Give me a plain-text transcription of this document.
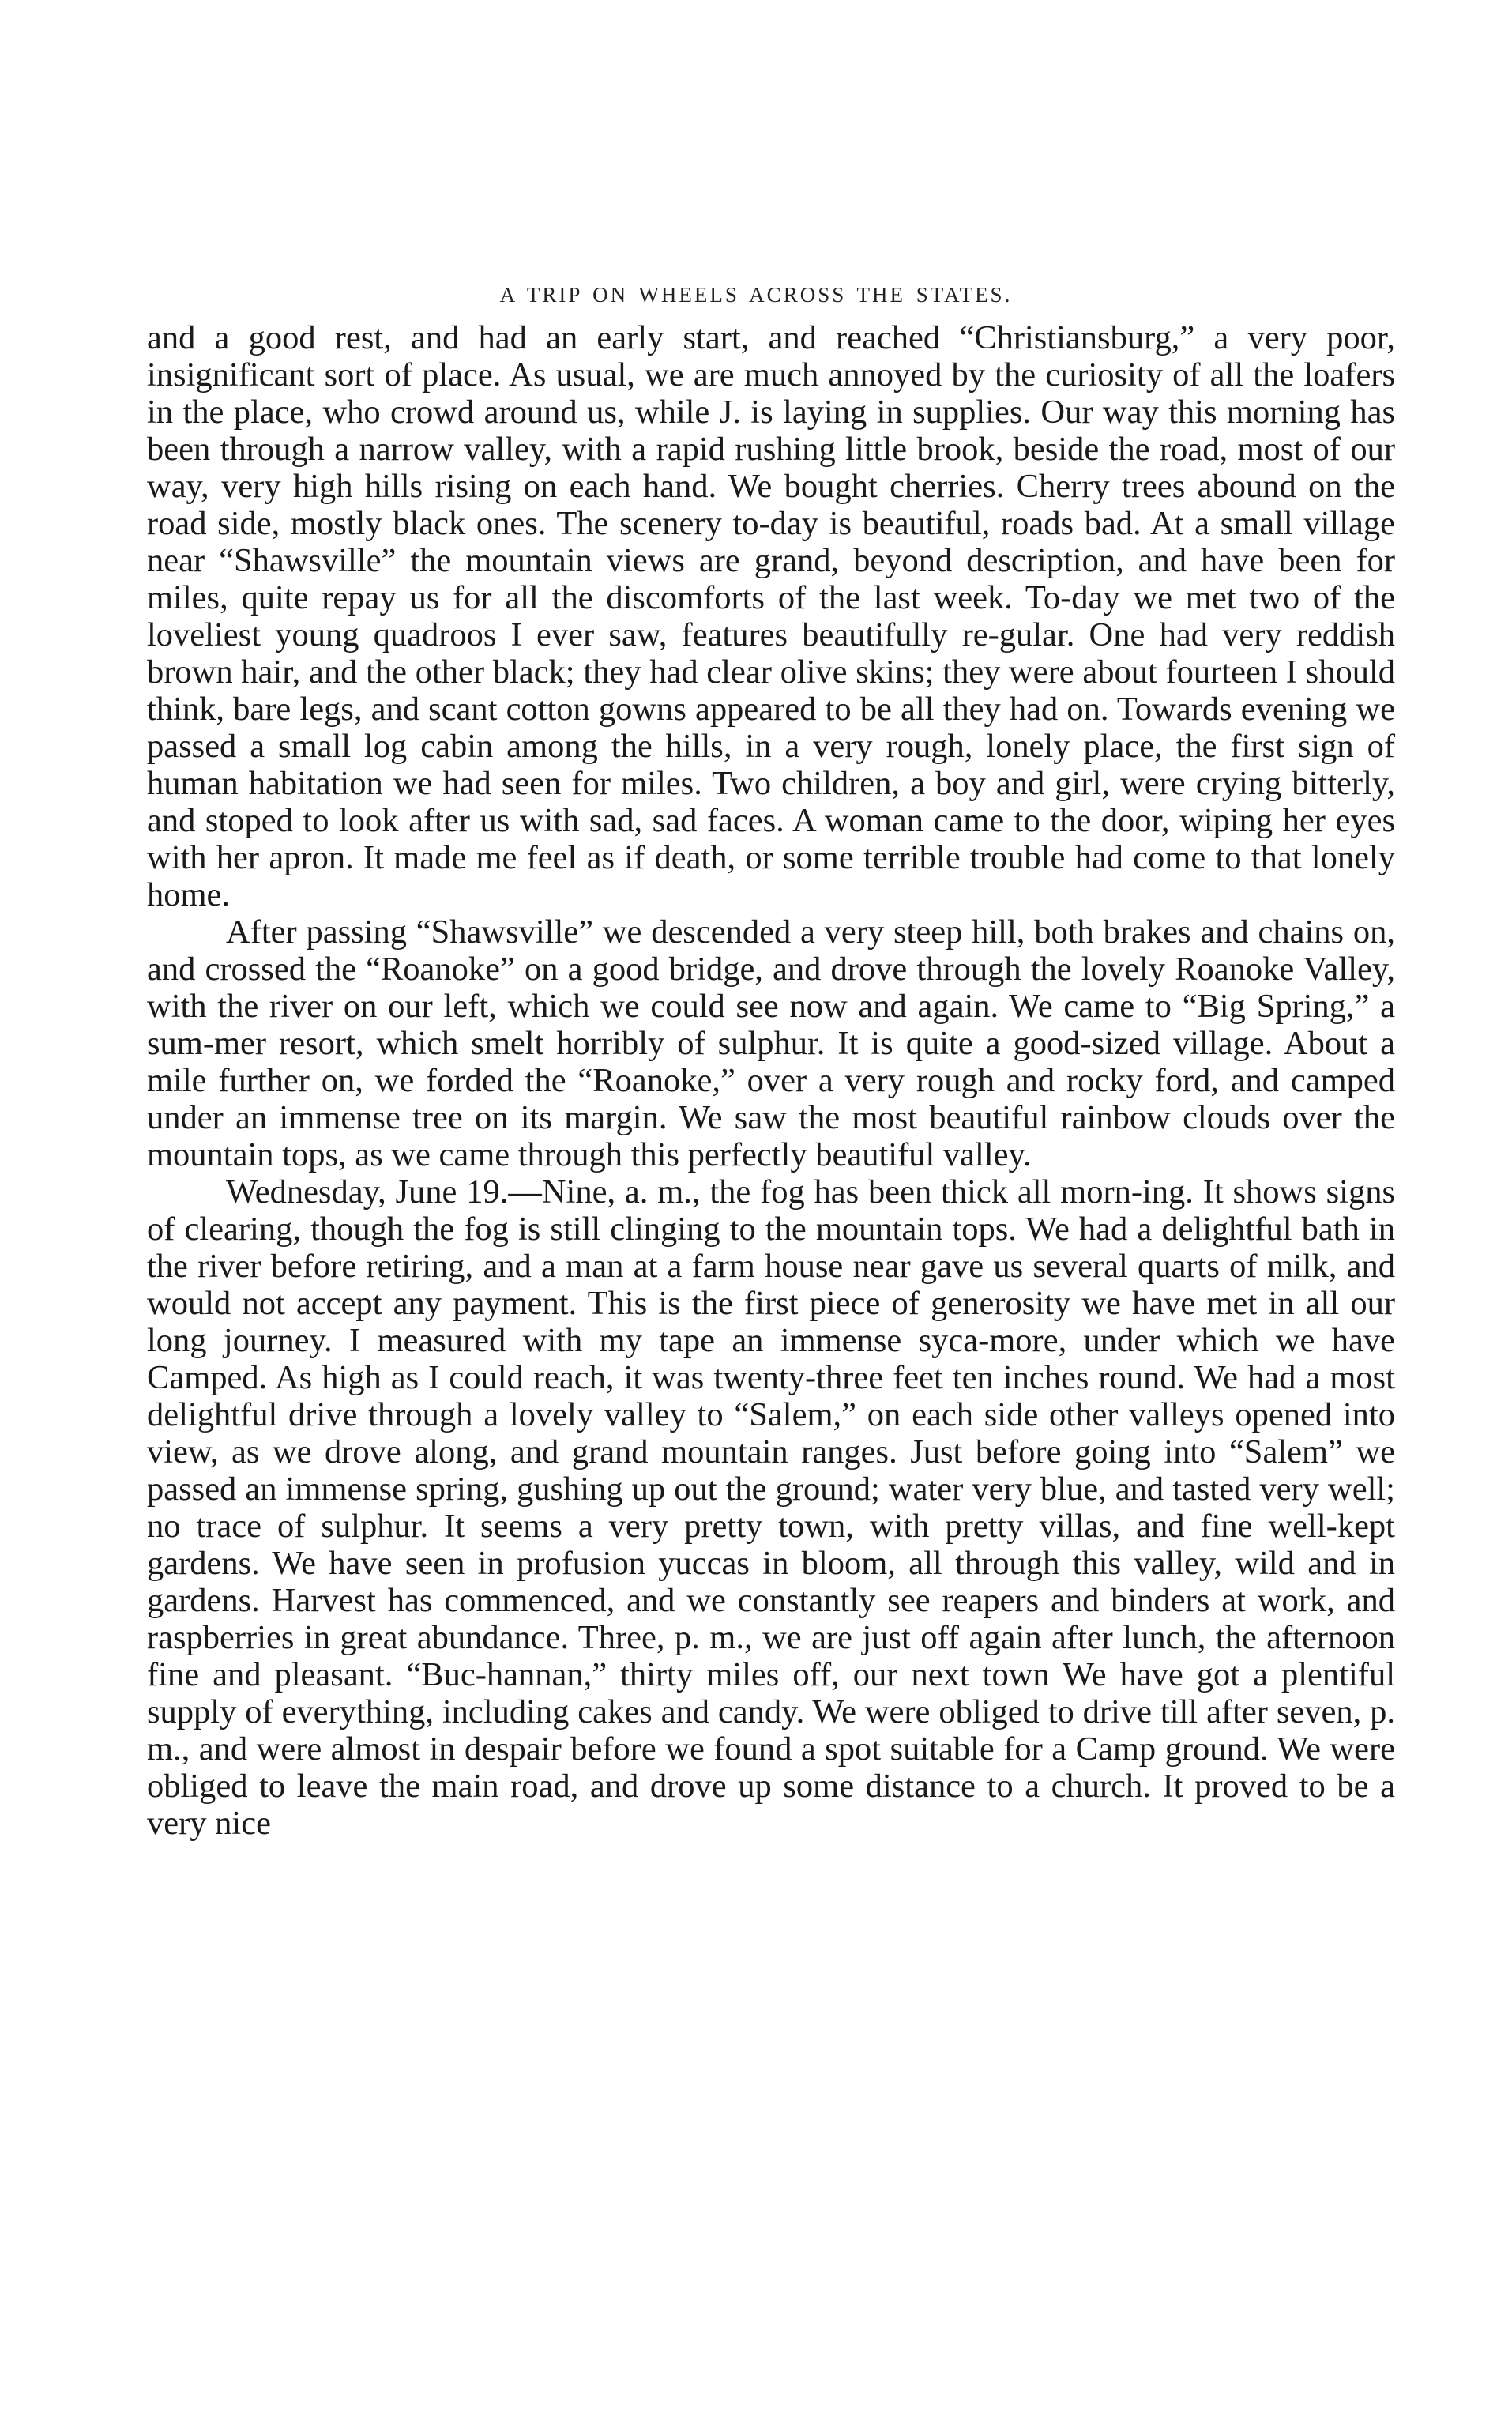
A TRIP ON WHEELS ACROSS THE STATES.

and a good rest, and had an early start, and reached “Christiansburg,” a very poor, insignificant sort of place. As usual, we are much annoyed by the curiosity of all the loafers in the place, who crowd around us, while J. is laying in supplies. Our way this morning has been through a narrow valley, with a rapid rushing little brook, beside the road, most of our way, very high hills rising on each hand. We bought cherries. Cherry trees abound on the road side, mostly black ones. The scenery to-day is beautiful, roads bad. At a small village near “Shawsville” the mountain views are grand, beyond description, and have been for miles, quite repay us for all the discomforts of the last week. To-day we met two of the loveliest young quadroos I ever saw, features beautifully re-gular. One had very reddish brown hair, and the other black; they had clear olive skins; they were about fourteen I should think, bare legs, and scant cotton gowns appeared to be all they had on. Towards evening we passed a small log cabin among the hills, in a very rough, lonely place, the first sign of human habitation we had seen for miles. Two children, a boy and girl, were crying bitterly, and stoped to look after us with sad, sad faces. A woman came to the door, wiping her eyes with her apron. It made me feel as if death, or some terrible trouble had come to that lonely home.

After passing “Shawsville” we descended a very steep hill, both brakes and chains on, and crossed the “Roanoke” on a good bridge, and drove through the lovely Roanoke Valley, with the river on our left, which we could see now and again. We came to “Big Spring,” a sum-mer resort, which smelt horribly of sulphur. It is quite a good-sized village. About a mile further on, we forded the “Roanoke,” over a very rough and rocky ford, and camped under an immense tree on its margin. We saw the most beautiful rainbow clouds over the mountain tops, as we came through this perfectly beautiful valley.

Wednesday, June 19.—Nine, a. m., the fog has been thick all morn-ing. It shows signs of clearing, though the fog is still clinging to the mountain tops. We had a delightful bath in the river before retiring, and a man at a farm house near gave us several quarts of milk, and would not accept any payment. This is the first piece of generosity we have met in all our long journey. I measured with my tape an immense syca-more, under which we have Camped. As high as I could reach, it was twenty-three feet ten inches round. We had a most delightful drive through a lovely valley to “Salem,” on each side other valleys opened into view, as we drove along, and grand mountain ranges. Just before going into “Salem” we passed an immense spring, gushing up out the ground; water very blue, and tasted very well; no trace of sulphur. It seems a very pretty town, with pretty villas, and fine well-kept gardens. We have seen in profusion yuccas in bloom, all through this valley, wild and in gardens. Harvest has commenced, and we constantly see reapers and binders at work, and raspberries in great abundance. Three, p. m., we are just off again after lunch, the afternoon fine and pleasant. “Buc-hannan,” thirty miles off, our next town We have got a plentiful supply of everything, including cakes and candy. We were obliged to drive till after seven, p. m., and were almost in despair before we found a spot suitable for a Camp ground. We were obliged to leave the main road, and drove up some distance to a church. It proved to be a very nice
